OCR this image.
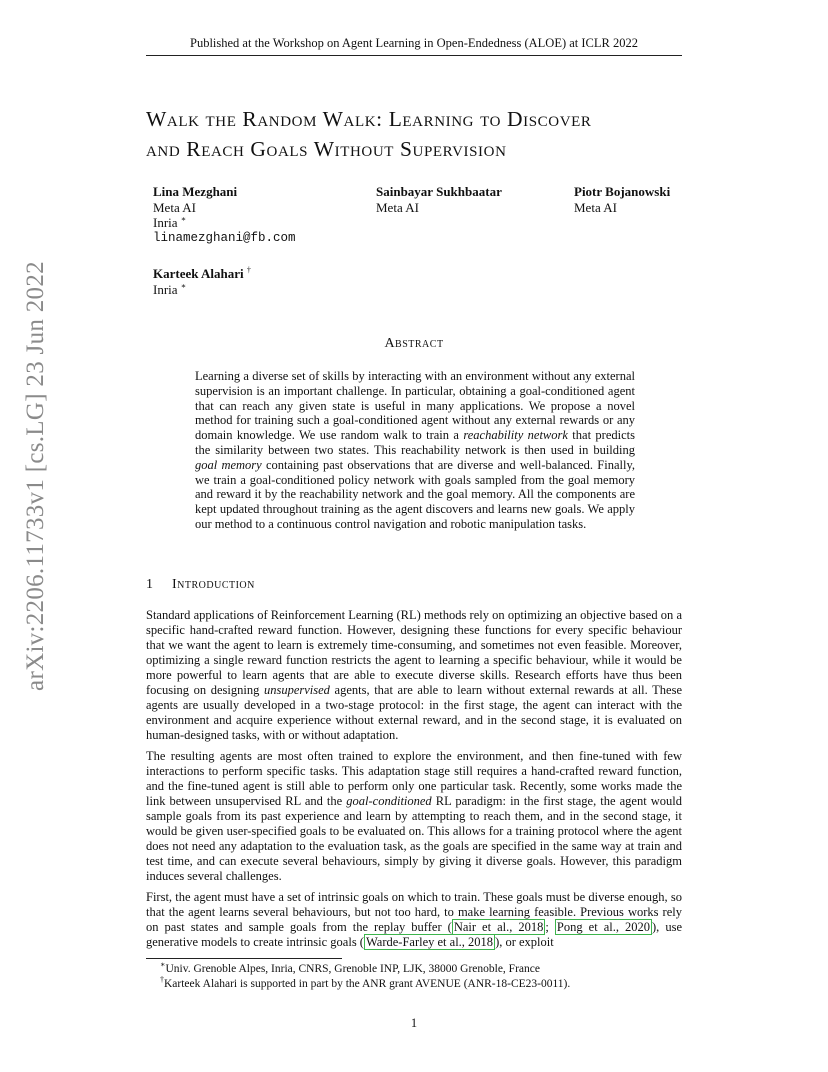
Published at the Workshop on Agent Learning in Open-Endedness (ALOE) at ICLR 2022
arXiv:2206.11733v1 [cs.LG] 23 Jun 2022
Walk the Random Walk: Learning to Discover
and Reach Goals Without Supervision
Lina Mezghani
Meta AI
Inria ∗
linamezghani@fb.com
Sainbayar Sukhbaatar
Meta AI
Piotr Bojanowski
Meta AI
Karteek Alahari †
Inria ∗
Abstract
Learning a diverse set of skills by interacting with an environment without any external supervision is an important challenge. In particular, obtaining a goal-conditioned agent that can reach any given state is useful in many applications. We propose a novel method for training such a goal-conditioned agent without any external rewards or any domain knowledge. We use random walk to train a reachability network that predicts the similarity between two states. This reachability network is then used in building goal memory containing past observations that are diverse and well-balanced. Finally, we train a goal-conditioned policy network with goals sampled from the goal memory and reward it by the reachability network and the goal memory. All the components are kept updated throughout training as the agent discovers and learns new goals. We apply our method to a continuous control navigation and robotic manipulation tasks.
1 Introduction

Standard applications of Reinforcement Learning (RL) methods rely on optimizing an objective based on a specific hand-crafted reward function. However, designing these functions for every specific behaviour that we want the agent to learn is extremely time-consuming, and sometimes not even feasible. Moreover, optimizing a single reward function restricts the agent to learning a specific behaviour, while it would be more powerful to learn agents that are able to execute diverse skills. Research efforts have thus been focusing on designing unsupervised agents, that are able to learn without external rewards at all. These agents are usually developed in a two-stage protocol: in the first stage, the agent can interact with the environment and acquire experience without external reward, and in the second stage, it is evaluated on human-designed tasks, with or without adaptation.

The resulting agents are most often trained to explore the environment, and then fine-tuned with few interactions to perform specific tasks. This adaptation stage still requires a hand-crafted reward function, and the fine-tuned agent is still able to perform only one particular task. Recently, some works made the link between unsupervised RL and the goal-conditioned RL paradigm: in the first stage, the agent would sample goals from its past experience and learn by attempting to reach them, and in the second stage, it would be given user-specified goals to be evaluated on. This allows for a training protocol where the agent does not need any adaptation to the evaluation task, as the goals are specified in the same way at train and test time, and can execute several behaviours, simply by giving it diverse goals. However, this paradigm induces several challenges.

First, the agent must have a set of intrinsic goals on which to train. These goals must be diverse enough, so that the agent learns several behaviours, but not too hard, to make learning feasible. Previous works rely on past states and sample goals from the replay buffer ( Nair et al., 2018 ; Pong et al., 2020 ), use generative models to create intrinsic goals ( Warde-Farley et al., 2018 ), or exploit

∗Univ. Grenoble Alpes, Inria, CNRS, Grenoble INP, LJK, 38000 Grenoble, France
†Karteek Alahari is supported in part by the ANR grant AVENUE (ANR-18-CE23-0011).
1
